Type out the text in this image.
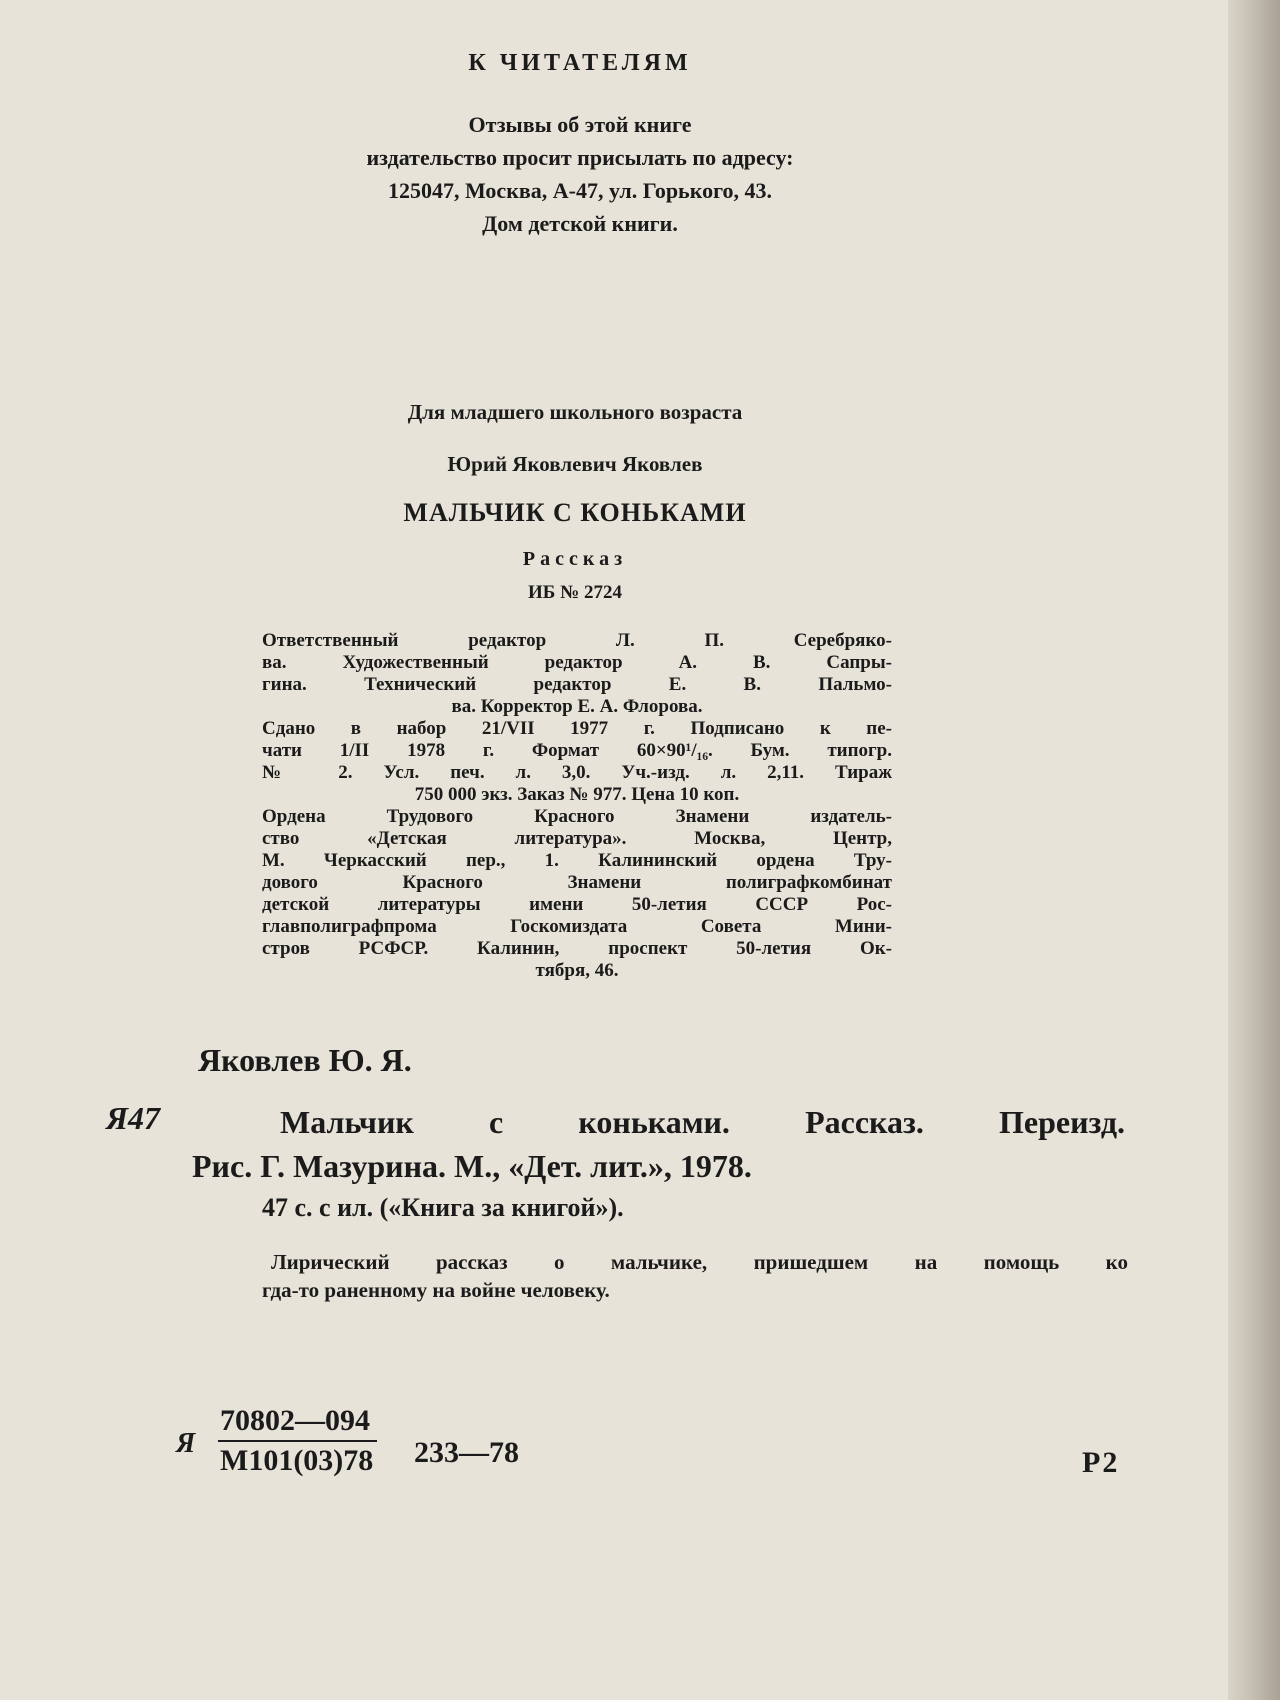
К ЧИТАТЕЛЯМ
Отзывы об этой книге
издательство просит присылать по адресу:
125047, Москва, А-47, ул. Горького, 43.
Дом детской книги.
Для младшего школьного возраста
Юрий Яковлевич Яковлев
МАЛЬЧИК С КОНЬКАМИ
Рассказ
ИБ № 2724
Ответственный редактор Л. П. Серебряко-
ва. Художественный редактор А. В. Сапры-
гина. Технический редактор Е. В. Пальмо-
ва. Корректор Е. А. Флорова.
Сдано в набор 21/VII 1977 г. Подписано к пе-
чати 1/II 1978 г. Формат 60×90¹/₁₆. Бум. типогр.
№ 2. Усл. печ. л. 3,0. Уч.-изд. л. 2,11. Тираж
750 000 экз. Заказ № 977. Цена 10 коп.
Ордена Трудового Красного Знамени издатель-
ство «Детская литература». Москва, Центр,
М. Черкасский пер., 1. Калининский ордена Тру-
дового Красного Знамени полиграфкомбинат
детской литературы имени 50-летия СССР Рос-
главполиграфпрома Госкомиздата Совета Мини-
стров РСФСР. Калинин, проспект 50-летия Ок-
тября, 46.
Яковлев Ю. Я.
Я47	Мальчик с коньками. Рассказ. Переизд.
Рис. Г. Мазурина. М., «Дет. лит.», 1978.
47 с. с ил. («Книга за книгой»).
Лирический рассказ о мальчике, пришедшем на помощь ко
гда-то раненному на войне человеку.
Я
70802—094
М101(03)78 233—78	Р2
